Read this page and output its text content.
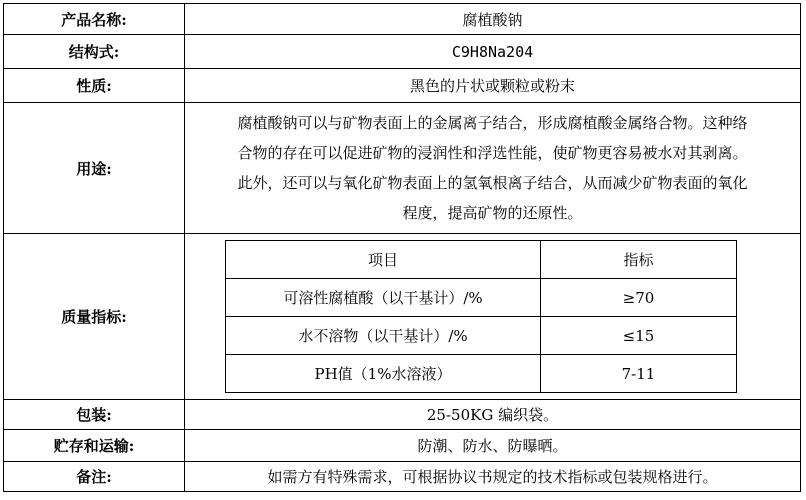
产品名称:	腐植酸钠
结构式:	C9H8Na204
性质:	黑色的片状或颗粒或粉末
用途:	
腐植酸钠可以与矿物表面上的金属离子结合，形成腐植酸金属络合物。这种络
合物的存在可以促进矿物的浸润性和浮选性能，使矿物更容易被水对其剥离。
此外，还可以与氧化矿物表面上的氢氧根离子结合，从而减少矿物表面的氧化
程度，提高矿物的还原性。

质量指标:	
项目	指标
可溶性腐植酸（以干基计）/%	≥70
水不溶物（以干基计）/%	≤15
PH值（1%水溶液）	7-11

包装:	25-50KG 编织袋。
贮存和运输:	防潮、防水、防曝晒。
备注:	如需方有特殊需求，可根据协议书规定的技术指标或包装规格进行。
